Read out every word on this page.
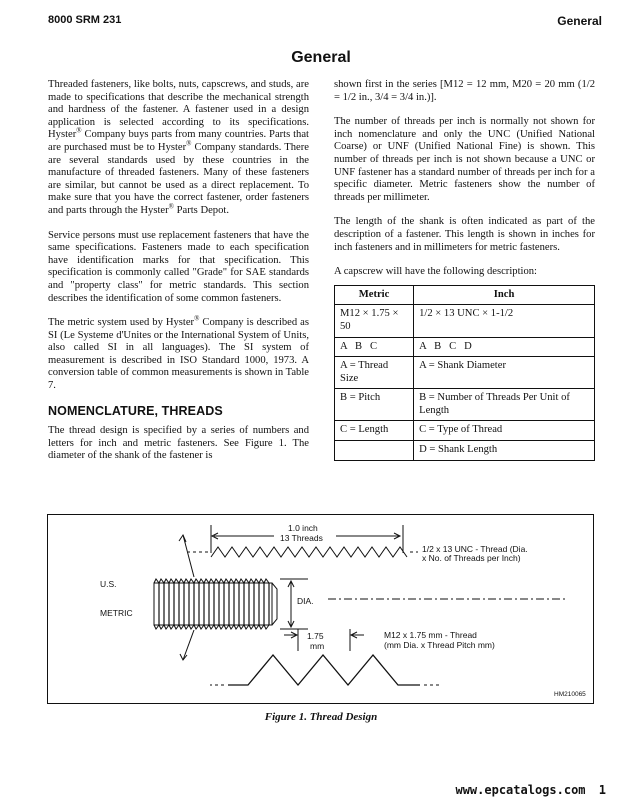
8000 SRM 231	General
General

Threaded fasteners, like bolts, nuts, capscrews, and studs, are made to specifications that describe the mechanical strength and hardness of the fastener. A fastener used in a design application is selected according to its specifications. Hyster® Company buys parts from many countries. Parts that are purchased must be to Hyster® Company standards. There are several standards used by these countries in the manufacture of threaded fasteners. Many of these fasteners are similar, but cannot be used as a direct replacement. To make sure that you have the correct fastener, order fasteners and parts through the Hyster® Parts Depot.

Service persons must use replacement fasteners that have the same specifications. Fasteners made to each specification have identification marks for that specification. This specification is commonly called "Grade" for SAE standards and "property class" for metric standards. This section describes the identification of some common fasteners.

The metric system used by Hyster® Company is described as SI (Le Systeme d'Unites or the International System of Units, also called SI in all languages). The SI system of measurement is described in ISO Standard 1000, 1973. A conversion table of common measurements is shown in Table 7.

NOMENCLATURE, THREADS

The thread design is specified by a series of numbers and letters for inch and metric fasteners. See Figure 1. The diameter of the shank of the fastener is

shown first in the series [M12 = 12 mm, M20 = 20 mm (1/2 = 1/2 in., 3/4 = 3/4 in.)].

The number of threads per inch is normally not shown for inch nomenclature and only the UNC (Unified National Coarse) or UNF (Unified National Fine) is shown. This number of threads per inch is not shown because a UNC or UNF fastener has a standard number of threads per inch for a specific diameter. Metric fasteners show the number of threads per millimeter.

The length of the shank is often indicated as part of the description of a fastener. This length is shown in inches for inch fasteners and in millimeters for metric fasteners.

A capscrew will have the following description:

Metric	Inch
M12 × 1.75 × 50	1/2 × 13 UNC × 1-1/2
A   B   C	A   B   C   D
A = Thread Size	A = Shank Diameter
B = Pitch	B = Number of Threads Per Unit of Length
C = Length	C = Type of Thread
	D = Shank Length
1.0 inch
13 Threads
1/2 x 13 UNC - Thread (Dia.
x No. of Threads per Inch)
U.S.
METRIC
DIA.
1.75
mm
M12 x 1.75 mm - Thread
(mm Dia. x Thread Pitch mm)
HM210065
Figure 1. Thread Design
www.epcatalogs.com 1
